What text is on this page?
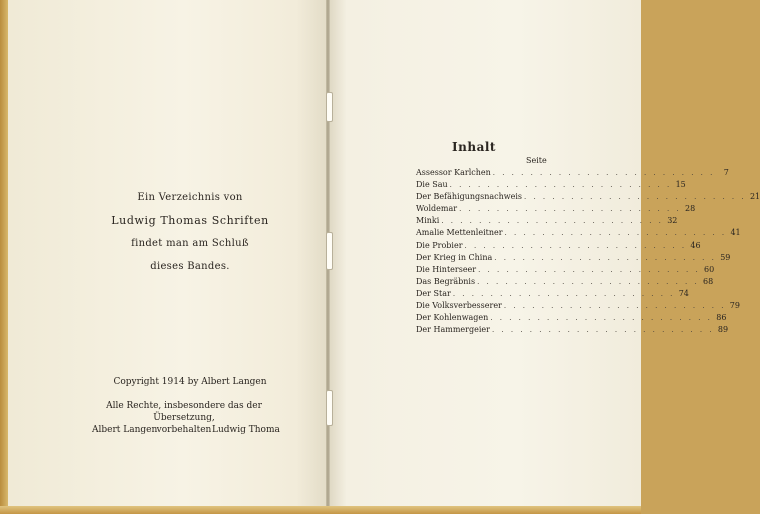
Ein Verzeichnis von
Ludwig Thomas Schriften
findet man am Schluß
dieses Bandes.
Copyright 1914 by Albert Langen
Alle Rechte, insbesondere das der Übersetzung,
vorbehalten
Albert Langen	Ludwig Thoma
Inhalt
Seite
Assessor Karlchen . . . . . . . . . . . . . . . . . . . . . . . .	7
Die Sau . . . . . . . . . . . . . . . . . . . . . . . . 15
Der Befähigungsnachweis . . . . . . . . . . . . . . . . . . . . . . . . 21
Woldemar . . . . . . . . . . . . . . . . . . . . . . . . 28
Minki . . . . . . . . . . . . . . . . . . . . . . . . 32
Amalie Mettenleitner . . . . . . . . . . . . . . . . . . . . . . . . 41
Die Probier . . . . . . . . . . . . . . . . . . . . . . . . 46
Der Krieg in China . . . . . . . . . . . . . . . . . . . . . . . . 59
Die Hinterseer . . . . . . . . . . . . . . . . . . . . . . . . 60
Das Begräbnis . . . . . . . . . . . . . . . . . . . . . . . . 68
Der Star . . . . . . . . . . . . . . . . . . . . . . . . 74
Die Volksverbesserer . . . . . . . . . . . . . . . . . . . . . . . . 79
Der Kohlenwagen . . . . . . . . . . . . . . . . . . . . . . . . 86
Der Hammergeier . . . . . . . . . . . . . . . . . . . . . . . . 89
